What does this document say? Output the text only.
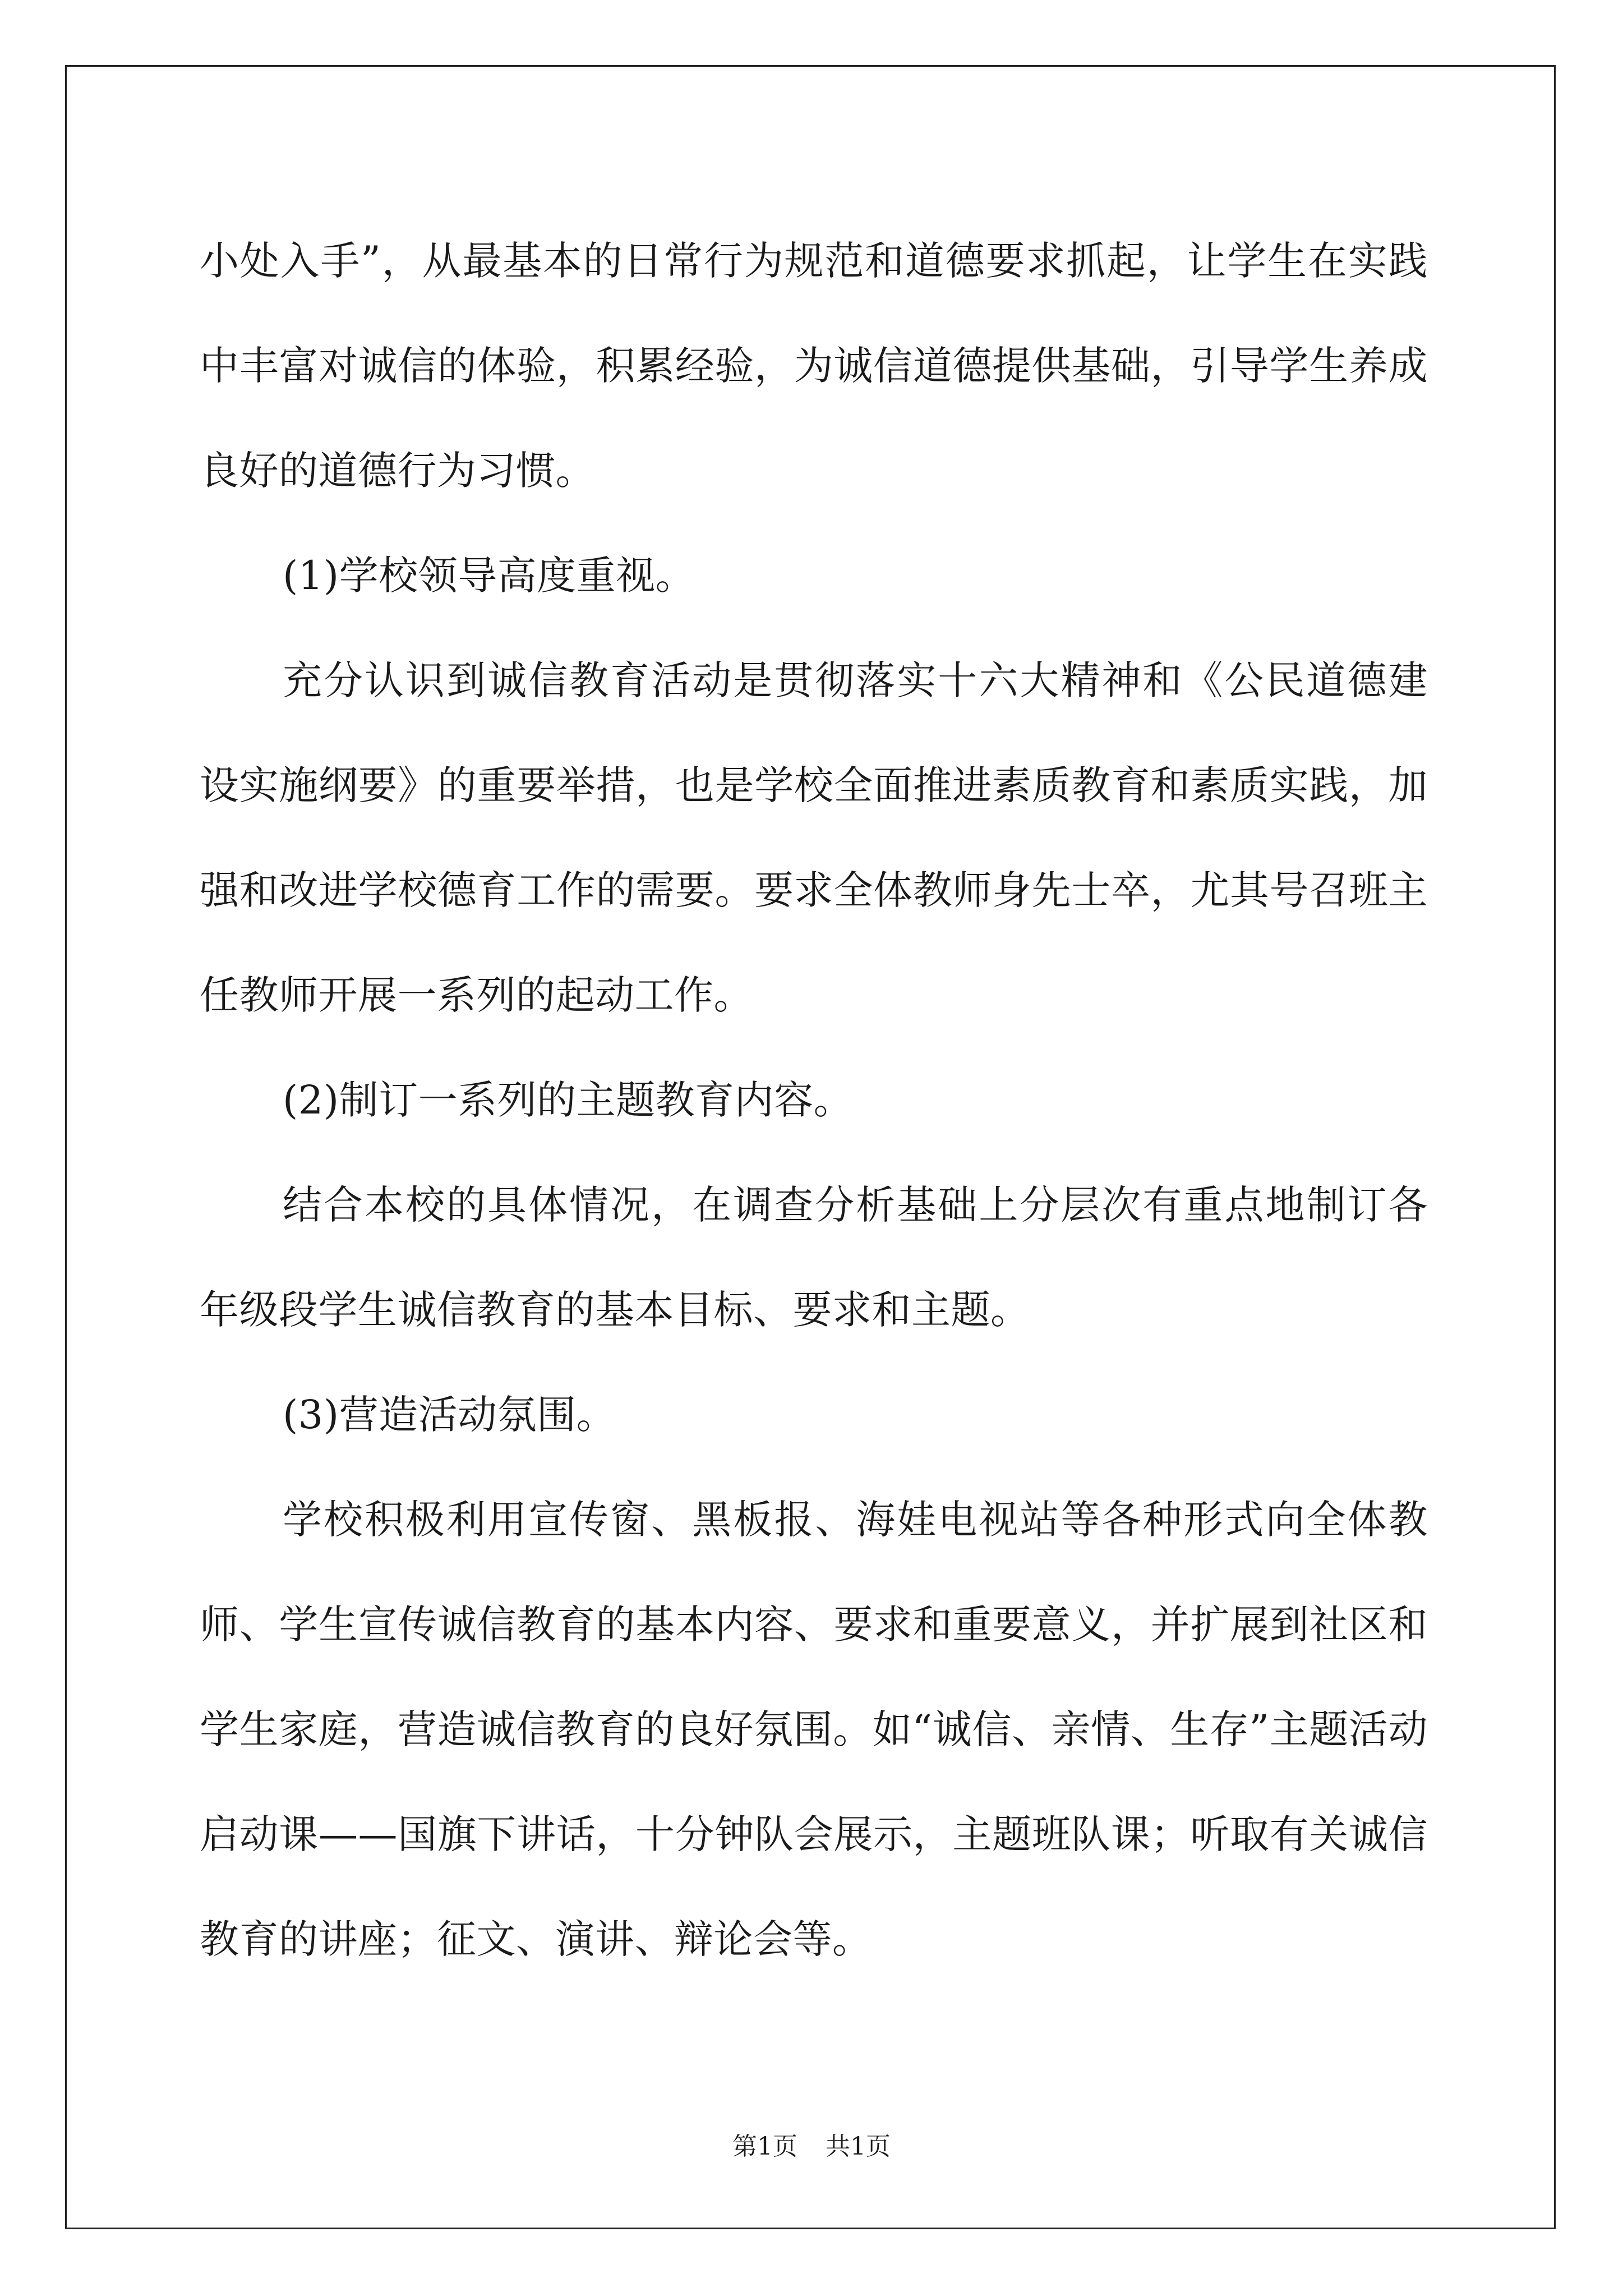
小处入手”，从最基本的日常行为规范和道德要求抓起，让学生在实践中丰富对诚信的体验，积累经验，为诚信道德提供基础，引导学生养成良好的道德行为习惯。

(1)学校领导高度重视。

充分认识到诚信教育活动是贯彻落实十六大精神和《公民道德建设实施纲要》的重要举措，也是学校全面推进素质教育和素质实践，加强和改进学校德育工作的需要。要求全体教师身先士卒，尤其号召班主任教师开展一系列的起动工作。

(2)制订一系列的主题教育内容。

结合本校的具体情况，在调查分析基础上分层次有重点地制订各年级段学生诚信教育的基本目标、要求和主题。

(3)营造活动氛围。

学校积极利用宣传窗、黑板报、海娃电视站等各种形式向全体教师、学生宣传诚信教育的基本内容、要求和重要意义，并扩展到社区和学生家庭，营造诚信教育的良好氛围。如“诚信、亲情、生存”主题活动启动课——国旗下讲话，十分钟队会展示，主题班队课；听取有关诚信教育的讲座；征文、演讲、辩论会等。

第1页 共1页
